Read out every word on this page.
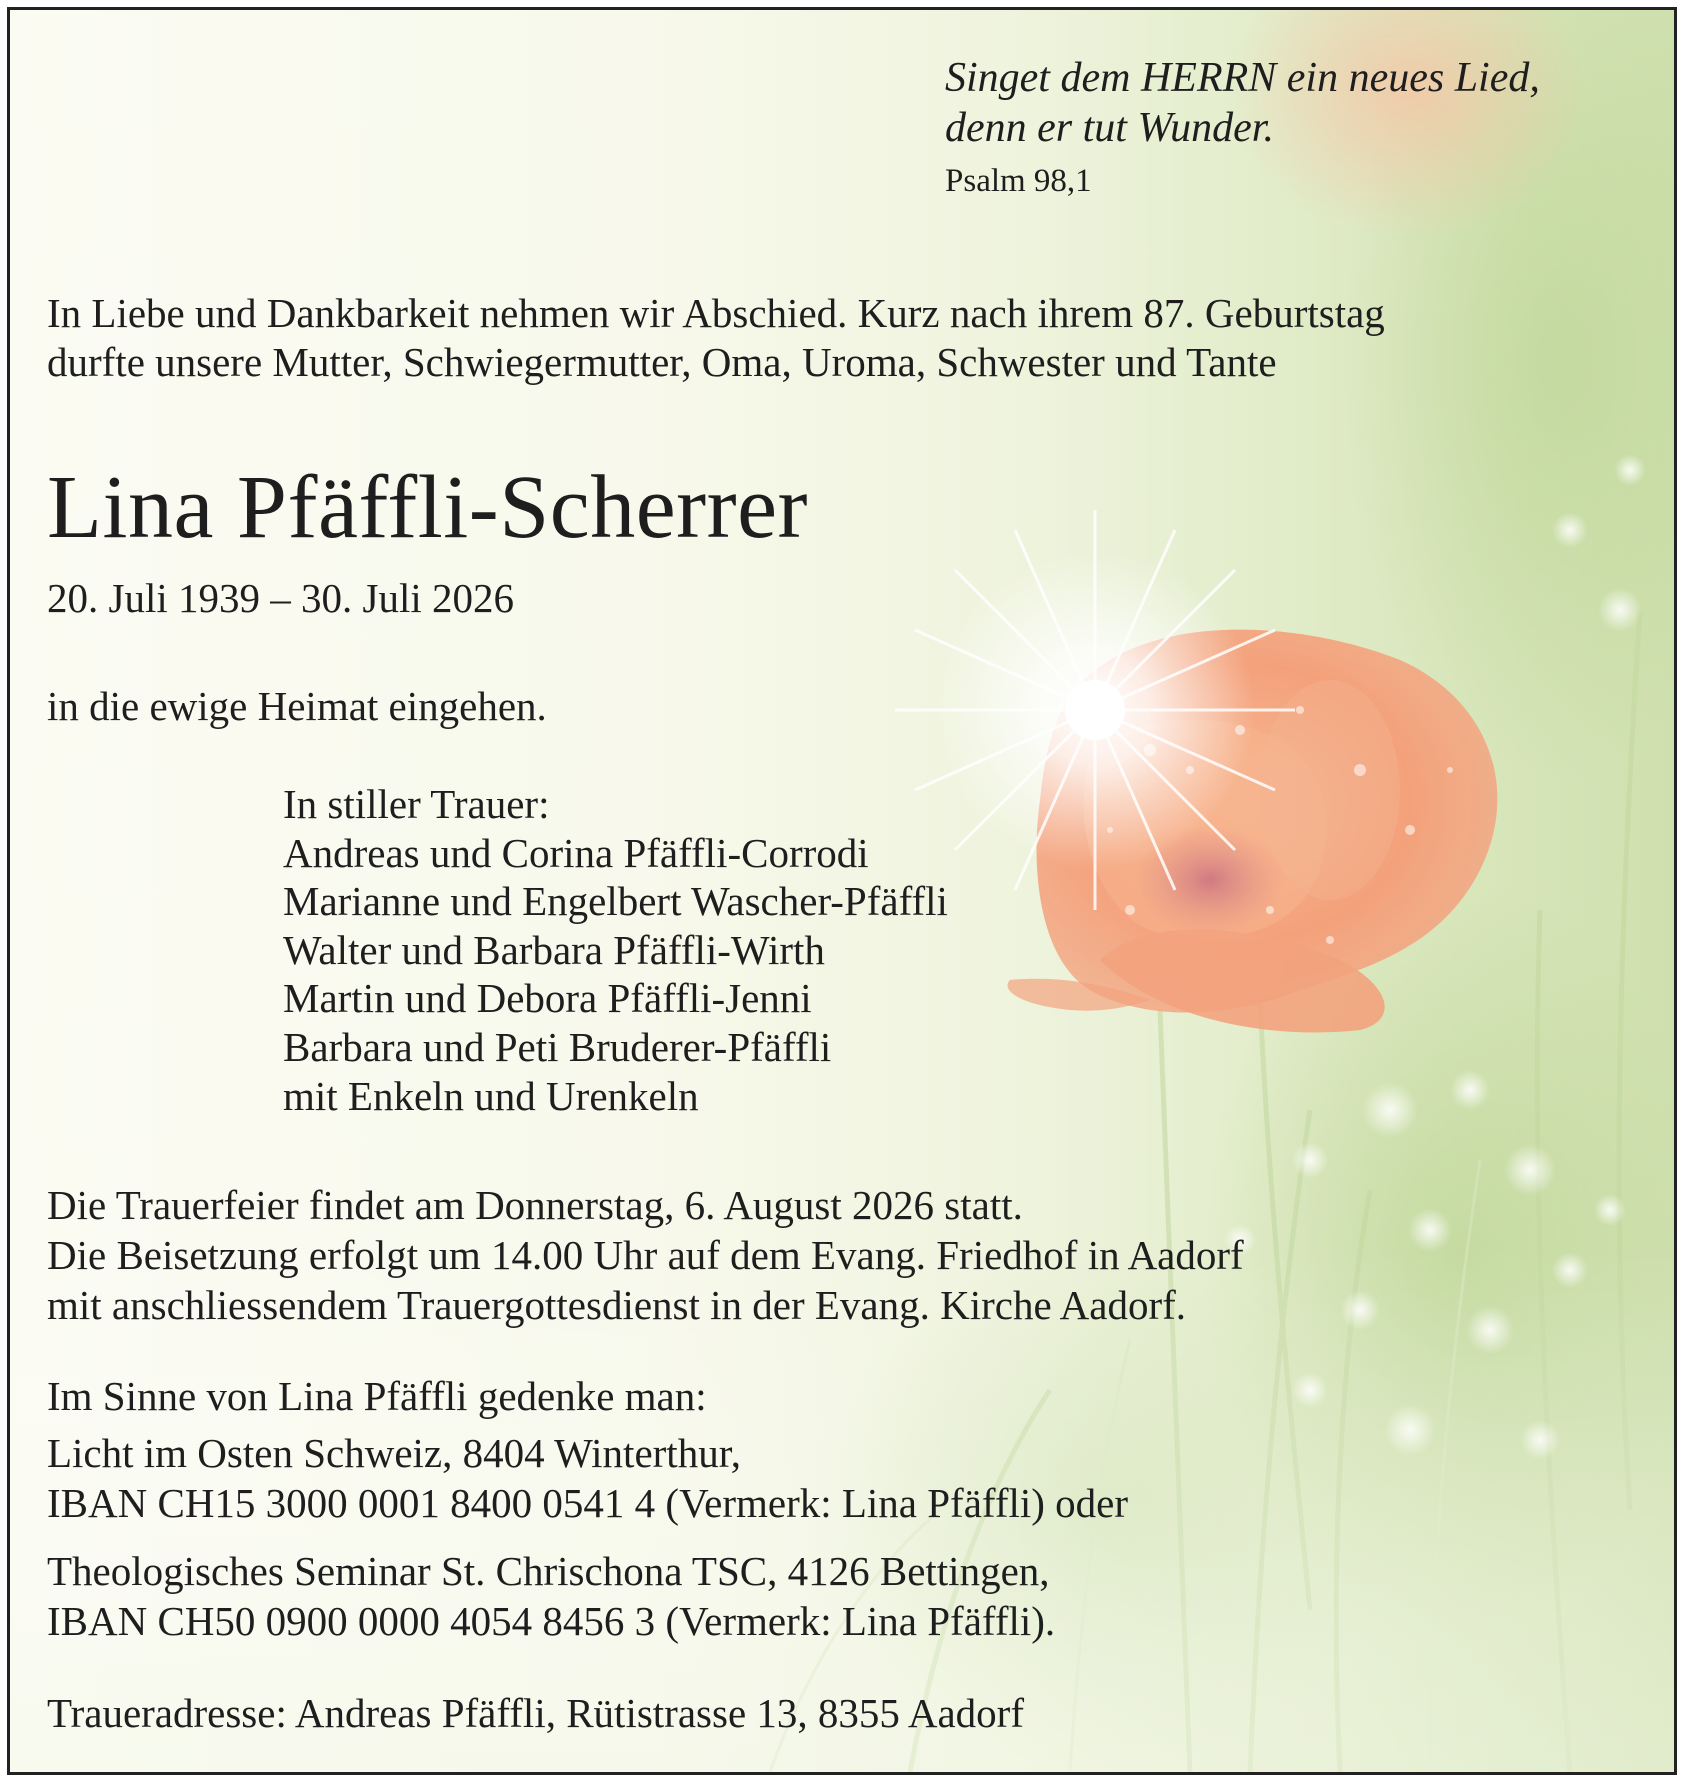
Singet dem HERRN ein neues Lied,

denn er tut Wunder.

Psalm 98,1

In Liebe und Dankbarkeit nehmen wir Abschied. Kurz nach ihrem 87. Geburtstag

durfte unsere Mutter, Schwiegermutter, Oma, Uroma, Schwester und Tante

Lina Pfäffli-Scherrer

20. Juli 1939 – 30. Juli 2026

in die ewige Heimat eingehen.

In stiller Trauer:
Andreas und Corina Pfäffli-Corrodi
Marianne und Engelbert Wascher-Pfäffli
Walter und Barbara Pfäffli-Wirth
Martin und Debora Pfäffli-Jenni
Barbara und Peti Bruderer-Pfäffli
mit Enkeln und Urenkeln

Die Trauerfeier findet am Donnerstag, 6. August 2026 statt.

Die Beisetzung erfolgt um 14.00 Uhr auf dem Evang. Friedhof in Aadorf

mit anschliessendem Trauergottesdienst in der Evang. Kirche Aadorf.

Im Sinne von Lina Pfäffli gedenke man:

Licht im Osten Schweiz, 8404 Winterthur,

IBAN CH15 3000 0001 8400 0541 4 (Vermerk: Lina Pfäffli) oder

Theologisches Seminar St. Chrischona TSC, 4126 Bettingen,

IBAN CH50 0900 0000 4054 8456 3 (Vermerk: Lina Pfäffli).

Traueradresse: Andreas Pfäffli, Rütistrasse 13, 8355 Aadorf
